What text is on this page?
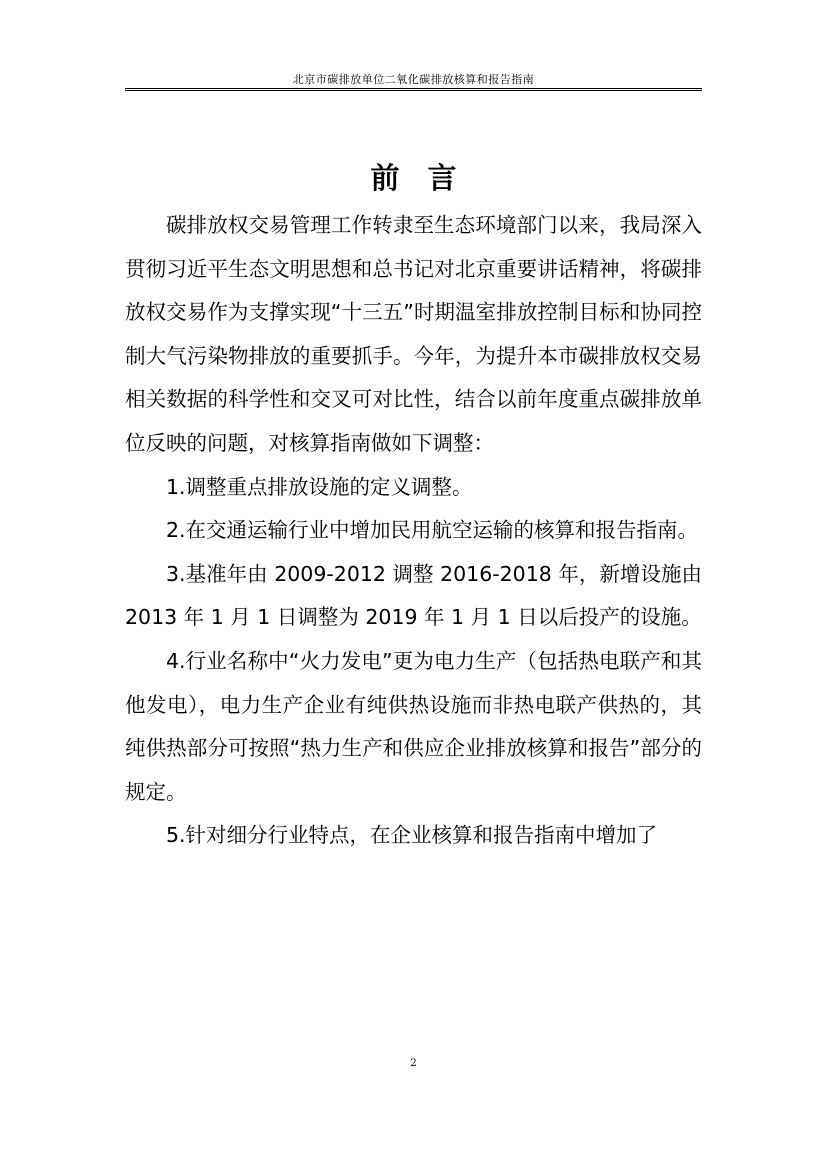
北京市碳排放单位二氧化碳排放核算和报告指南
前言

碳排放权交易管理工作转隶至生态环境部门以来，我局深入贯彻习近平生态文明思想和总书记对北京重要讲话精神，将碳排放权交易作为支撑实现“十三五”时期温室排放控制目标和协同控制大气污染物排放的重要抓手。今年，为提升本市碳排放权交易相关数据的科学性和交叉可对比性，结合以前年度重点碳排放单位反映的问题，对核算指南做如下调整：

1.调整重点排放设施的定义调整。

2.在交通运输行业中增加民用航空运输的核算和报告指南。

3.基准年由 2009-2012 调整 2016-2018 年，新增设施由 2013 年 1 月 1 日调整为 2019 年 1 月 1 日以后投产的设施。

4.行业名称中“火力发电”更为电力生产（包括热电联产和其他发电），电力生产企业有纯供热设施而非热电联产供热的，其纯供热部分可按照“热力生产和供应企业排放核算和报告”部分的规定。

5.针对细分行业特点，在企业核算和报告指南中增加了

2
